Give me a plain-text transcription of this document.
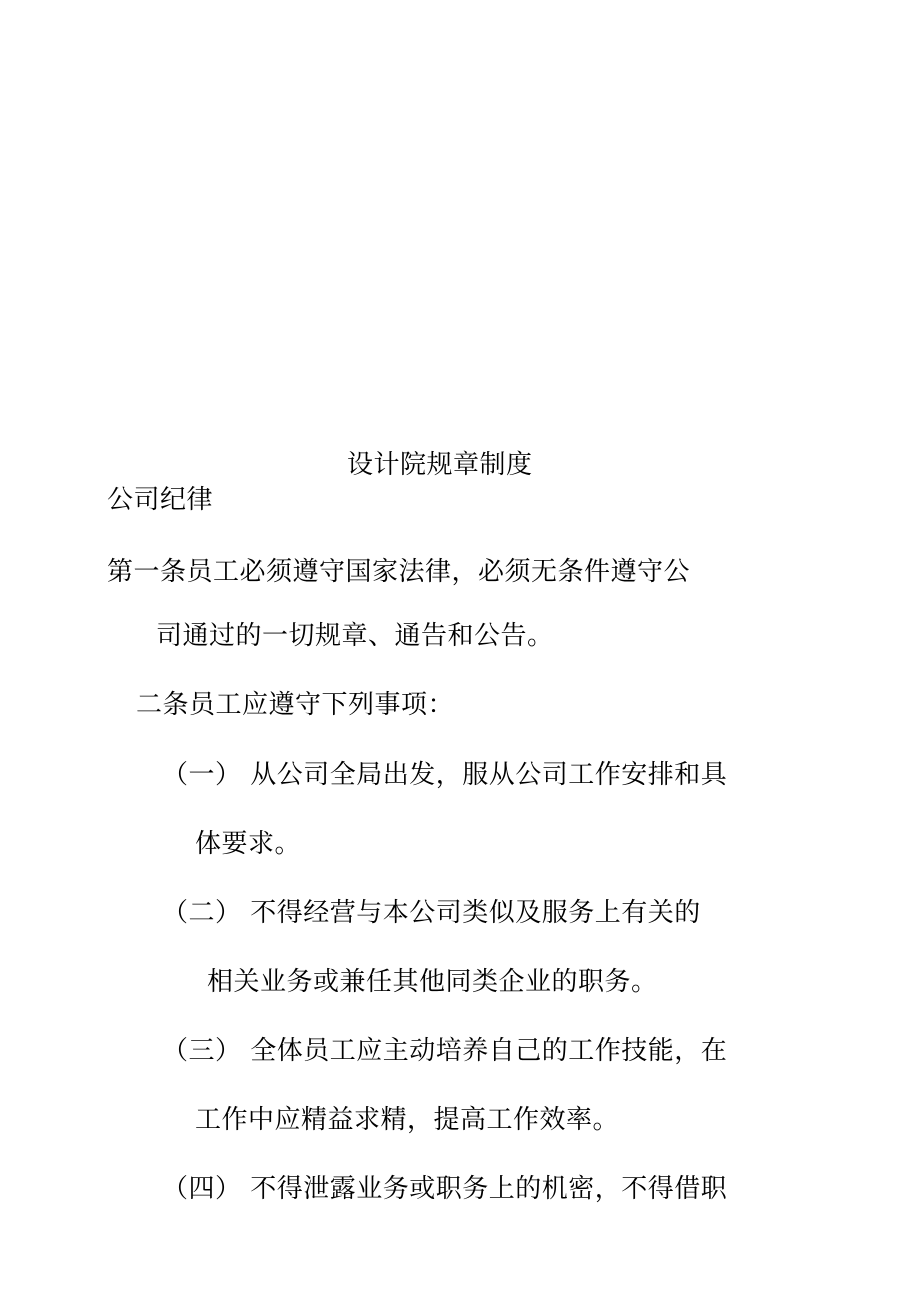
设计院规章制度
公司纪律
第一条员工必须遵守国家法律，必须无条件遵守公
司通过的一切规章、通告和公告。
二条员工应遵守下列事项：
（一） 从公司全局出发，服从公司工作安排和具
体要求。
（二） 不得经营与本公司类似及服务上有关的
相关业务或兼任其他同类企业的职务。
（三） 全体员工应主动培养自己的工作技能，在
工作中应精益求精，提高工作效率。
（四） 不得泄露业务或职务上的机密，不得借职
